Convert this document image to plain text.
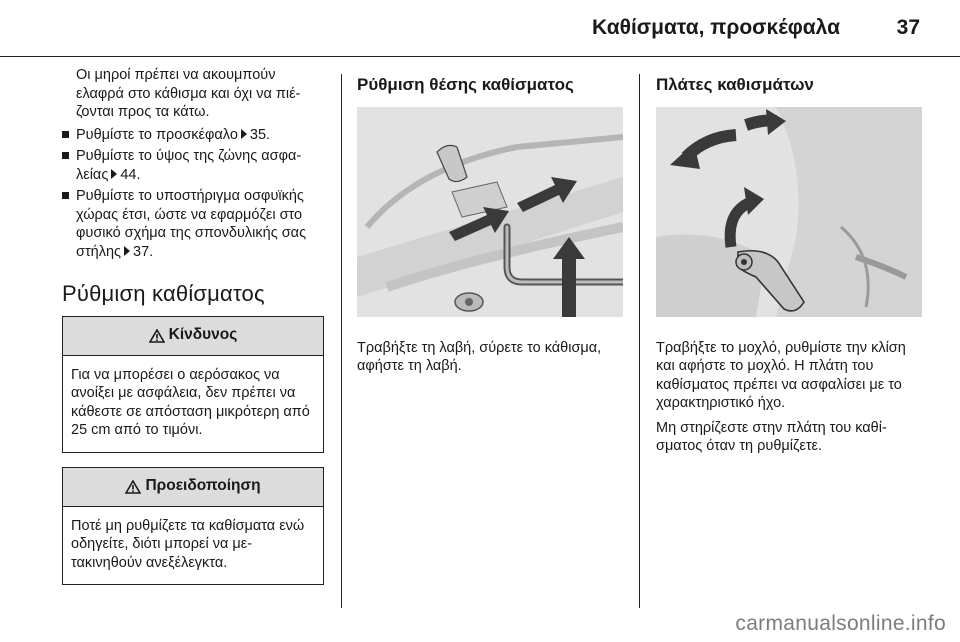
Καθίσματα, προσκέφαλα	37

Οι μηροί πρέπει να ακουμπούν ελαφρά στο κάθισμα και όχι να πιέ- ζονται προς τα κάτω.

Ρυθμίστε το προσκέφαλο 35.
Ρυθμίστε το ύψος της ζώνης ασφα- λείας 44.
Ρυθμίστε το υποστήριγμα οσφυϊκής χώρας έτσι, ώστε να εφαρμόζει στο φυσικό σχήμα της σπονδυλικής σας στήλης 37.
Ρύθμιση καθίσματος
Κίνδυνος
Για να μπορέσει ο αερόσακος να ανοίξει με ασφάλεια, δεν πρέπει να κάθεστε σε απόσταση μικρότερη από 25 cm από το τιμόνι.
Προειδοποίηση
Ποτέ μη ρυθμίζετε τα καθίσματα ενώ οδηγείτε, διότι μπορεί να με- τακινηθούν ανεξέλεγκτα.
Ρύθμιση θέσης καθίσματος

Τραβήξτε τη λαβή, σύρετε το κάθισμα, αφήστε τη λαβή.

Πλάτες καθισμάτων

Τραβήξτε το μοχλό, ρυθμίστε την κλίση και αφήστε το μοχλό. Η πλάτη του καθίσματος πρέπει να ασφαλίσει με το χαρακτηριστικό ήχο.

Μη στηρίζεστε στην πλάτη του καθί- σματος όταν τη ρυθμίζετε.

carmanualsonline.info
